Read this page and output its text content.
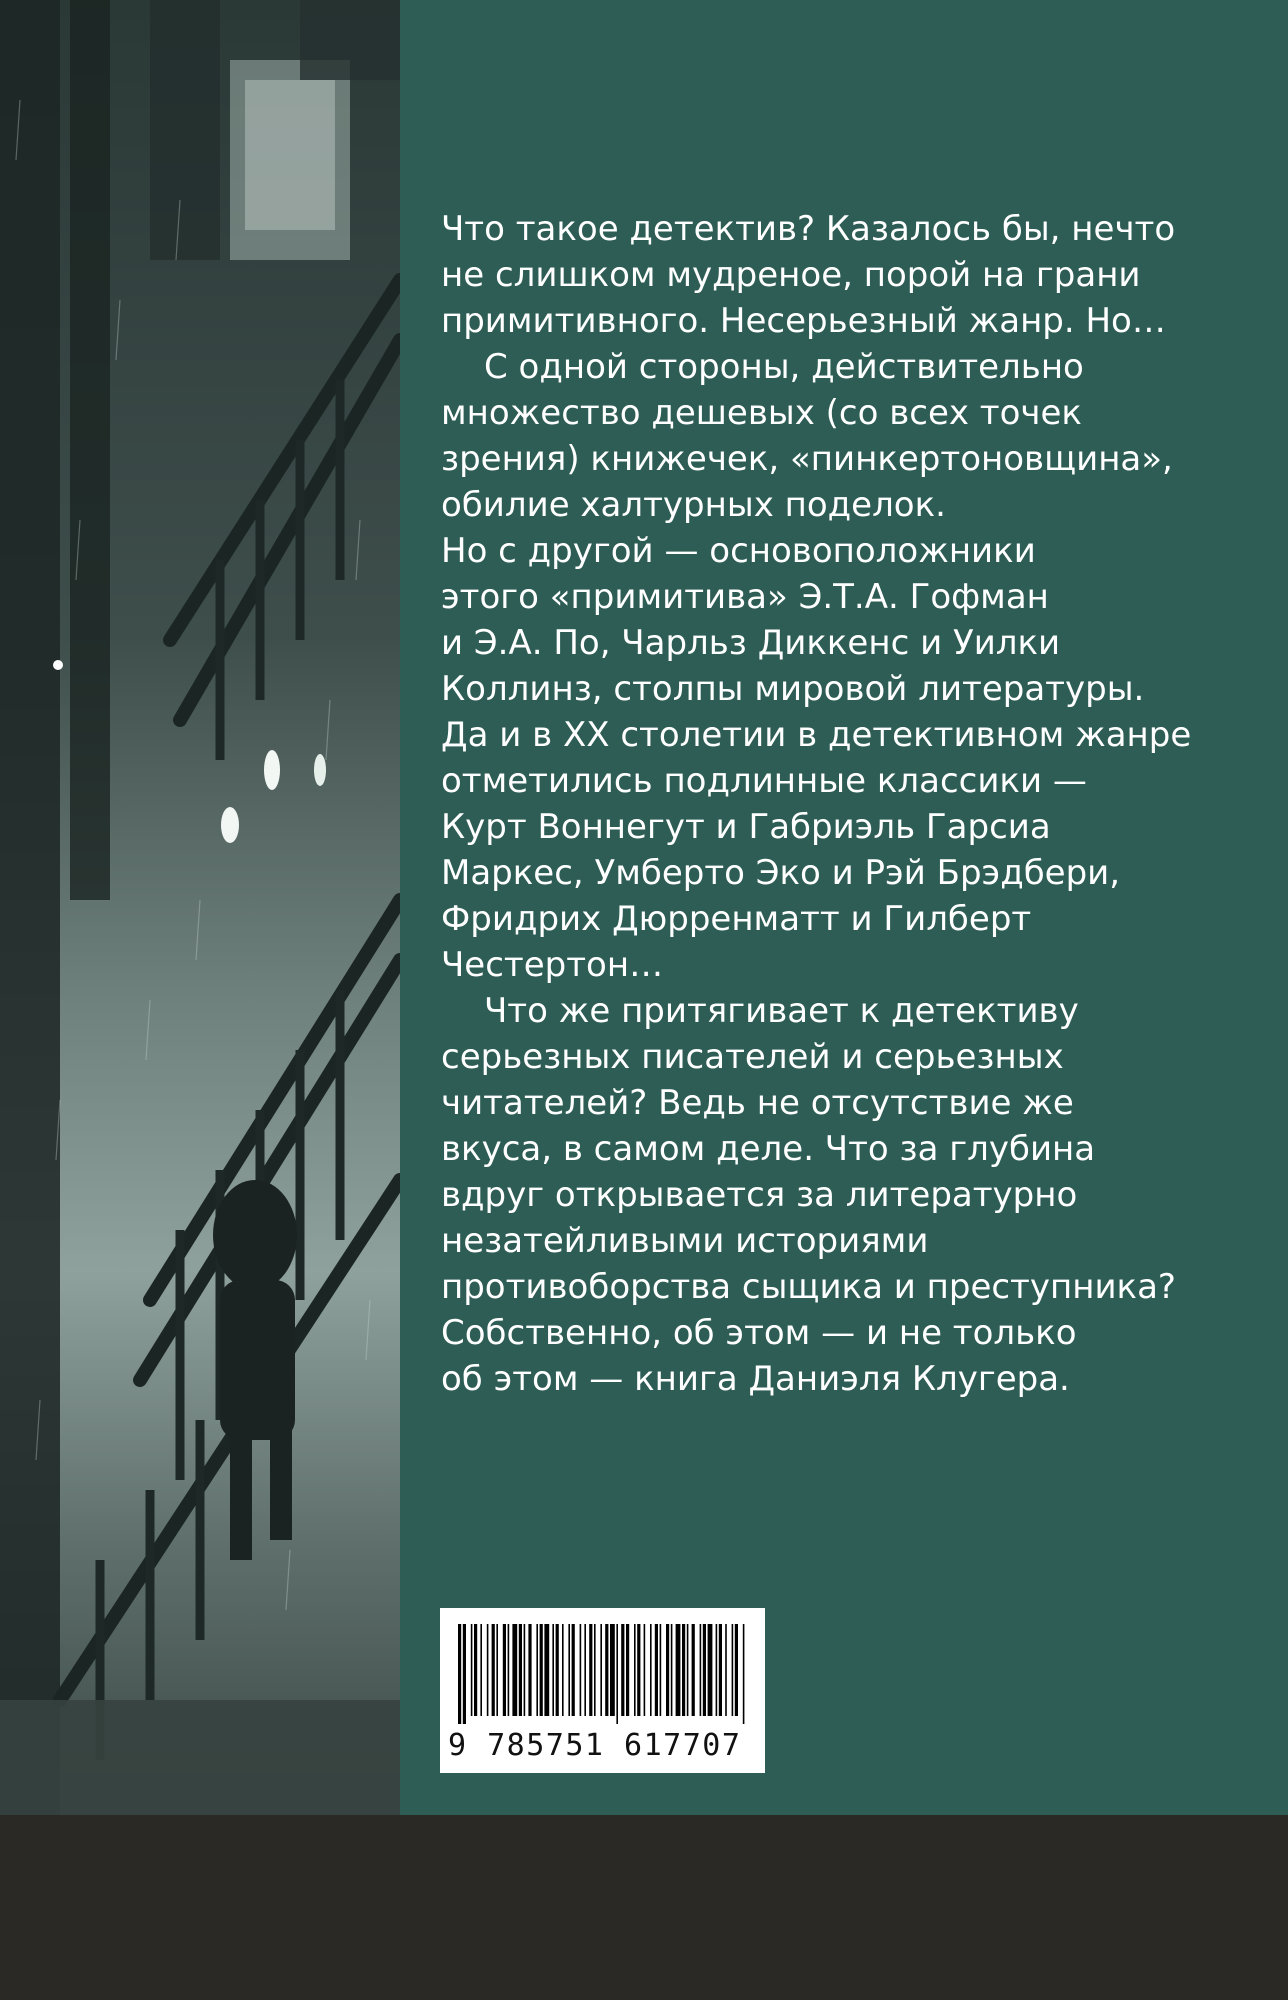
Что такое детектив? Казалось бы, нечто

не слишком мудреное, порой на грани

примитивного. Несерьезный жанр. Но…

С одной стороны, действительно

множество дешевых (со всех точек

зрения) книжечек, «пинкертоновщина»,

обилие халтурных поделок.

Но с другой — основоположники

этого «примитива» Э.Т.А. Гофман

и Э.А. По, Чарльз Диккенс и Уилки

Коллинз, столпы мировой литературы.

Да и в XX столетии в детективном жанре

отметились подлинные классики —

Курт Воннегут и Габриэль Гарсиа

Маркес, Умберто Эко и Рэй Брэдбери,

Фридрих Дюрренматт и Гилберт

Честертон…

Что же притягивает к детективу

серьезных писателей и серьезных

читателей? Ведь не отсутствие же

вкуса, в самом деле. Что за глубина

вдруг открывается за литературно

незатейливыми историями

противоборства сыщика и преступника?

Собственно, об этом — и не только

об этом — книга Даниэля Клугера.

9 785751 617707
